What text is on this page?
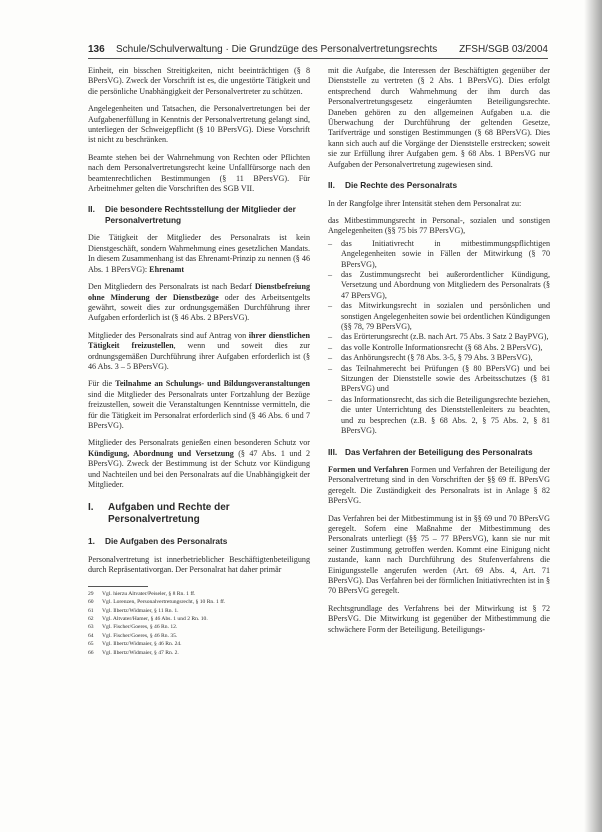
136 Schule/Schulverwaltung · Die Grundzüge des Personalvertretungsrechts ZFSH/SGB 03/2004

Einheit, ein bisschen Streitigkeiten, nicht beeinträchtigen (§ 8 BPersVG). Zweck der Vorschrift ist es, die ungestörte Tätigkeit und die persönliche Unabhängigkeit der Personalvertreter zu schützen.

Angelegenheiten und Tatsachen, die Personalvertretungen bei der Aufgabenerfüllung in Kenntnis der Personalvertretung gelangt sind, unterliegen der Schweigepflicht (§ 10 BPersVG). Diese Vorschrift ist nicht zu beschränken.

Beamte stehen bei der Wahrnehmung von Rechten oder Pflichten nach dem Personalvertretungsrecht keine Unfallfürsorge nach den beamtenrechtlichen Bestimmungen (§ 11 BPersVG). Für Arbeitnehmer gelten die Vorschriften des SGB VII.

II.	Die besondere Rechtsstellung der Mitglieder der Personalvertretung

Die Tätigkeit der Mitglieder des Personalrats ist kein Dienstgeschäft, sondern Wahrnehmung eines gesetzlichen Mandats. In diesem Zusammenhang ist das Ehrenamt-Prinzip zu nennen (§ 46 Abs. 1 BPersVG): Ehrenamt

Den Mitgliedern des Personalrats ist nach Bedarf Dienstbefreiung ohne Minderung der Dienstbezüge oder des Arbeitsentgelts gewährt, soweit dies zur ordnungsgemäßen Durchführung ihrer Aufgaben erforderlich ist (§ 46 Abs. 2 BPersVG).

Mitglieder des Personalrats sind auf Antrag von ihrer dienstlichen Tätigkeit freizustellen, wenn und soweit dies zur ordnungsgemäßen Durchführung ihrer Aufgaben erforderlich ist (§ 46 Abs. 3 – 5 BPersVG).

Für die Teilnahme an Schulungs- und Bildungsveranstaltungen sind die Mitglieder des Personalrats unter Fortzahlung der Bezüge freizustellen, soweit die Veranstaltungen Kenntnisse vermitteln, die für die Tätigkeit im Personalrat erforderlich sind (§ 46 Abs. 6 und 7 BPersVG).

Mitglieder des Personalrats genießen einen besonderen Schutz vor Kündigung, Abordnung und Versetzung (§ 47 Abs. 1 und 2 BPersVG). Zweck der Bestimmung ist der Schutz vor Kündigung und Nachteilen und bei den Personalrats auf die Unabhängigkeit der Mitglieder.

I.	Aufgaben und Rechte der Personalvertretung
1.	Die Aufgaben des Personalrats

Personalvertretung ist innerbetrieblicher Beschäftigtenbeteiligung durch Repräsentativorgan. Der Personalrat hat daher primär

29	Vgl. hierzu Altvater/Peiseler, § 8 Rn. 1 ff.
60	Vgl. Lorenzen, Personalvertretungsrecht, § 10 Rn. 1 ff.
61	Vgl. Ilbertz/Widmaier, § 11 Rn. 1.
62	Vgl. Altvater/Hamer, § 46 Abs. 1 und 2 Rn. 10.
63	Vgl. Fischer/Goeres, § 46 Rn. 12.
64	Vgl. Fischer/Goeres, § 46 Rn. 35.
65	Vgl. Ilbertz/Widmaier, § 46 Rn. 24.
66	Vgl. Ilbertz/Widmaier, § 47 Rn. 2.

mit die Aufgabe, die Interessen der Beschäftigten gegenüber der Dienststelle zu vertreten (§ 2 Abs. 1 BPersVG). Dies erfolgt entsprechend durch Wahrnehmung der ihm durch das Personalvertretungsgesetz eingeräumten Beteiligungsrechte. Daneben gehören zu den allgemeinen Aufgaben u.a. die Überwachung der Durchführung der geltenden Gesetze, Tarifverträge und sonstigen Bestimmungen (§ 68 BPersVG). Dies kann sich auch auf die Vorgänge der Dienststelle erstrecken; soweit sie zur Erfüllung ihrer Aufgaben gem. § 68 Abs. 1 BPersVG nur Aufgaben der Personalvertretung zugewiesen sind.

II.	Die Rechte des Personalrats

In der Rangfolge ihrer Intensität stehen dem Personalrat zu:

das Mitbestimmungsrecht in Personal-, sozialen und sonstigen Angelegenheiten (§§ 75 bis 77 BPersVG),

– das Initiativrecht in mitbestimmungspflichtigen Angelegenheiten sowie in Fällen der Mitwirkung (§ 70 BPersVG),
– das Zustimmungsrecht bei außerordentlicher Kündigung, Versetzung und Abordnung von Mitgliedern des Personalrats (§ 47 BPersVG),
– das Mitwirkungsrecht in sozialen und persönlichen und sonstigen Angelegenheiten sowie bei ordentlichen Kündigungen (§§ 78, 79 BPersVG),
– das Erörterungsrecht (z.B. nach Art. 75 Abs. 3 Satz 2 BayPVG),
– das volle Kontrolle Informationsrecht (§ 68 Abs. 2 BPersVG),
– das Anhörungsrecht (§ 78 Abs. 3-5, § 79 Abs. 3 BPersVG),
– das Teilnahmerecht bei Prüfungen (§ 80 BPersVG) und bei Sitzungen der Dienststelle sowie des Arbeitsschutzes (§ 81 BPersVG) und
– das Informationsrecht, das sich die Beteiligungsrechte beziehen, die unter Unterrichtung des Dienststellenleiters zu beachten, und zu besprechen (z.B. § 68 Abs. 2, § 75 Abs. 2, § 81 BPersVG).
III. Das Verfahren der Beteiligung des Personalrats

Formen und Verfahren Formen und Verfahren der Beteiligung der Personalvertretung sind in den Vorschriften der §§ 69 ff. BPersVG geregelt. Die Zuständigkeit des Personalrats ist in Anlage § 82 BPersVG.

Das Verfahren bei der Mitbestimmung ist in §§ 69 und 70 BPersVG geregelt. Sofern eine Maßnahme der Mitbestimmung des Personalrats unterliegt (§§ 75 – 77 BPersVG), kann sie nur mit seiner Zustimmung getroffen werden. Kommt eine Einigung nicht zustande, kann nach Durchführung des Stufenverfahrens die Einigungsstelle angerufen werden (Art. 69 Abs. 4, Art. 71 BPersVG). Das Verfahren bei der förmlichen Initiativrechten ist in § 70 BPersVG geregelt.

Rechtsgrundlage des Verfahrens bei der Mitwirkung ist § 72 BPersVG. Die Mitwirkung ist gegenüber der Mitbestimmung die schwächere Form der Beteiligung. Beteiligungs-
